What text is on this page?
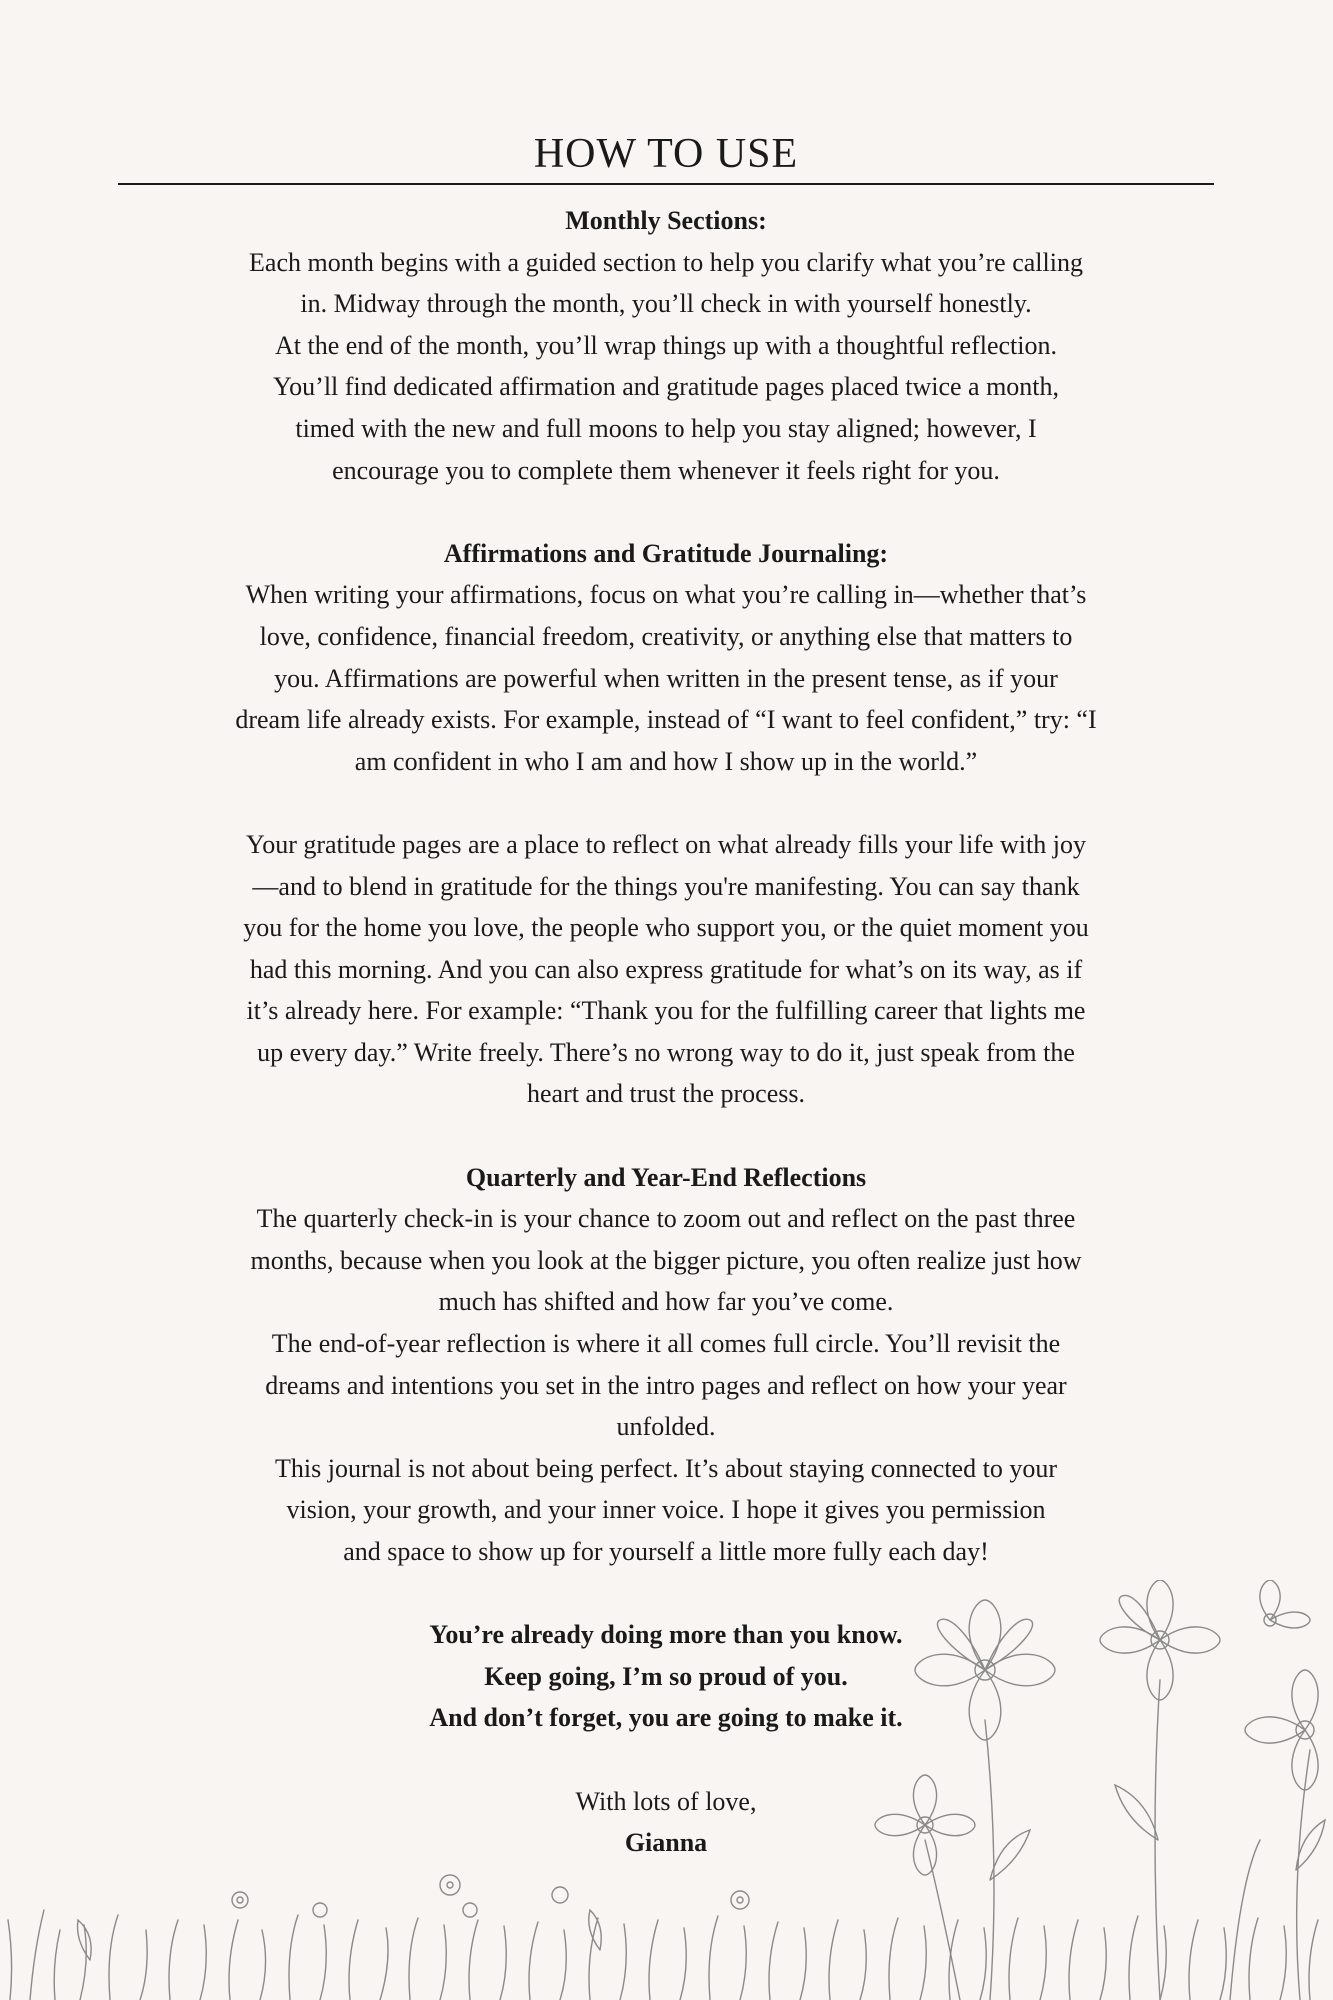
HOW TO USE

Monthly Sections:

Each month begins with a guided section to help you clarify what you’re calling

in. Midway through the month, you’ll check in with yourself honestly.

At the end of the month, you’ll wrap things up with a thoughtful reflection.

You’ll find dedicated affirmation and gratitude pages placed twice a month,

timed with the new and full moons to help you stay aligned; however, I

encourage you to complete them whenever it feels right for you.

Affirmations and Gratitude Journaling:

When writing your affirmations, focus on what you’re calling in—whether that’s

love, confidence, financial freedom, creativity, or anything else that matters to

you. Affirmations are powerful when written in the present tense, as if your

dream life already exists. For example, instead of “I want to feel confident,” try: “I

am confident in who I am and how I show up in the world.”

Your gratitude pages are a place to reflect on what already fills your life with joy

—and to blend in gratitude for the things you're manifesting. You can say thank

you for the home you love, the people who support you, or the quiet moment you

had this morning. And you can also express gratitude for what’s on its way, as if

it’s already here. For example: “Thank you for the fulfilling career that lights me

up every day.” Write freely. There’s no wrong way to do it, just speak from the

heart and trust the process.

Quarterly and Year-End Reflections

The quarterly check-in is your chance to zoom out and reflect on the past three

months, because when you look at the bigger picture, you often realize just how

much has shifted and how far you’ve come.

The end-of-year reflection is where it all comes full circle. You’ll revisit the

dreams and intentions you set in the intro pages and reflect on how your year

unfolded.

This journal is not about being perfect. It’s about staying connected to your

vision, your growth, and your inner voice. I hope it gives you permission

and space to show up for yourself a little more fully each day!

You’re already doing more than you know.

Keep going, I’m so proud of you.

And don’t forget, you are going to make it.

With lots of love,

Gianna
